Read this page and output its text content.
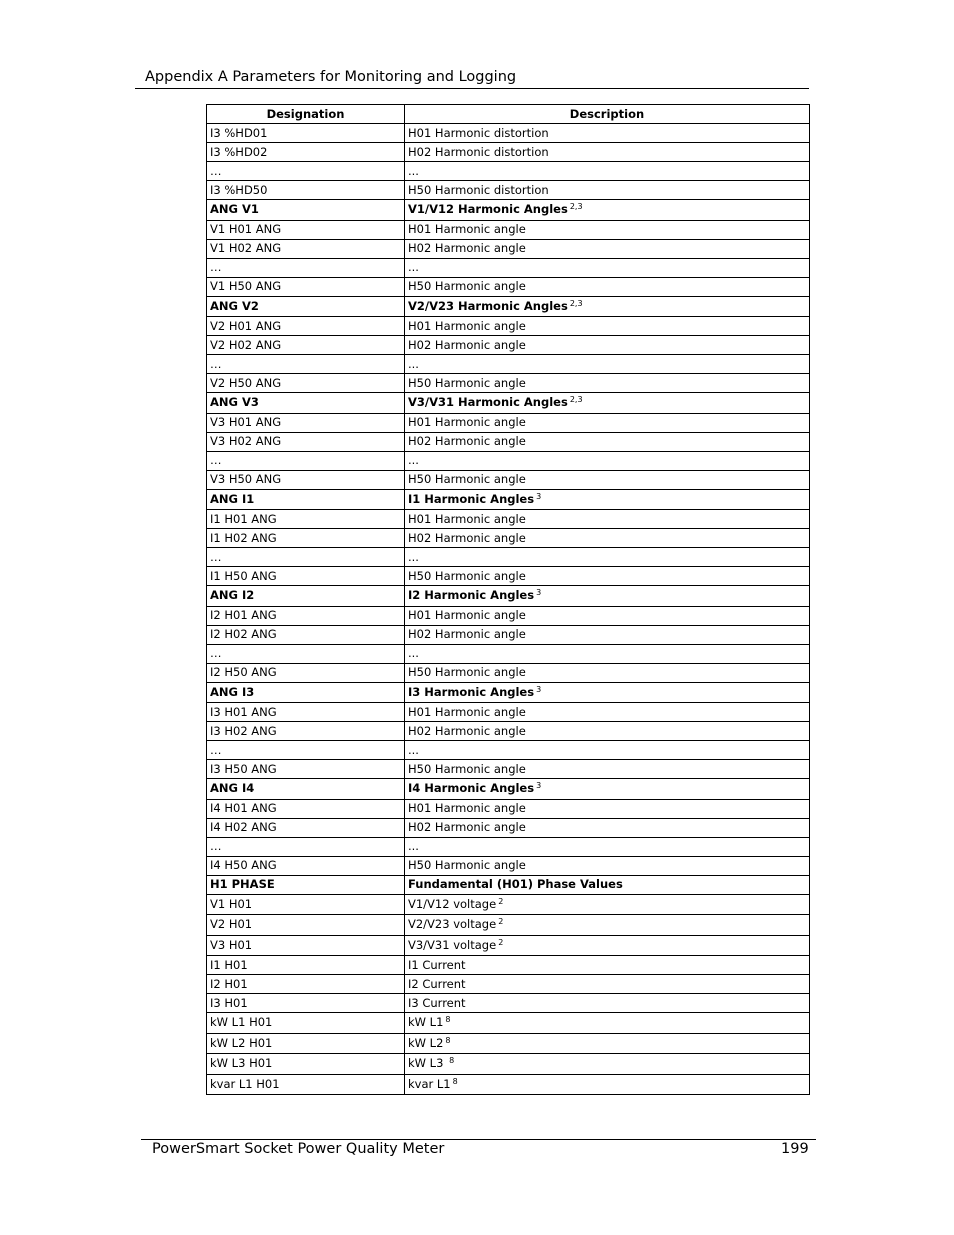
Appendix A Parameters for Monitoring and Logging
Designation	Description
I3 %HD01	H01 Harmonic distortion
I3 %HD02	H02 Harmonic distortion
…	...
I3 %HD50	H50 Harmonic distortion
ANG V1	V1/V12 Harmonic Angles $^{2,3}$
V1 H01 ANG	H01 Harmonic angle
V1 H02 ANG	H02 Harmonic angle
…	...
V1 H50 ANG	H50 Harmonic angle
ANG V2	V2/V23 Harmonic Angles $^{2,3}$
V2 H01 ANG	H01 Harmonic angle
V2 H02 ANG	H02 Harmonic angle
…	...
V2 H50 ANG	H50 Harmonic angle
ANG V3	V3/V31 Harmonic Angles $^{2,3}$
V3 H01 ANG	H01 Harmonic angle
V3 H02 ANG	H02 Harmonic angle
…	...
V3 H50 ANG	H50 Harmonic angle
ANG I1	I1 Harmonic Angles $^3$
I1 H01 ANG	H01 Harmonic angle
I1 H02 ANG	H02 Harmonic angle
…	...
I1 H50 ANG	H50 Harmonic angle
ANG I2	I2 Harmonic Angles $^3$
I2 H01 ANG	H01 Harmonic angle
I2 H02 ANG	H02 Harmonic angle
…	...
I2 H50 ANG	H50 Harmonic angle
ANG I3	I3 Harmonic Angles $^3$
I3 H01 ANG	H01 Harmonic angle
I3 H02 ANG	H02 Harmonic angle
…	...
I3 H50 ANG	H50 Harmonic angle
ANG I4	I4 Harmonic Angles $^3$
I4 H01 ANG	H01 Harmonic angle
I4 H02 ANG	H02 Harmonic angle
…	...
I4 H50 ANG	H50 Harmonic angle
H1 PHASE	Fundamental (H01) Phase Values
V1 H01	V1/V12 voltage $^2$
V2 H01	V2/V23 voltage $^2$
V3 H01	V3/V31 voltage $^2$
I1 H01	I1 Current
I2 H01	I2 Current
I3 H01	I3 Current
kW L1 H01	kW L1 $^8$
kW L2 H01	kW L2 $^8$
kW L3 H01	kW L3 $^8$
kvar L1 H01	kvar L1 $^8$
PowerSmart Socket Power Quality Meter	199
